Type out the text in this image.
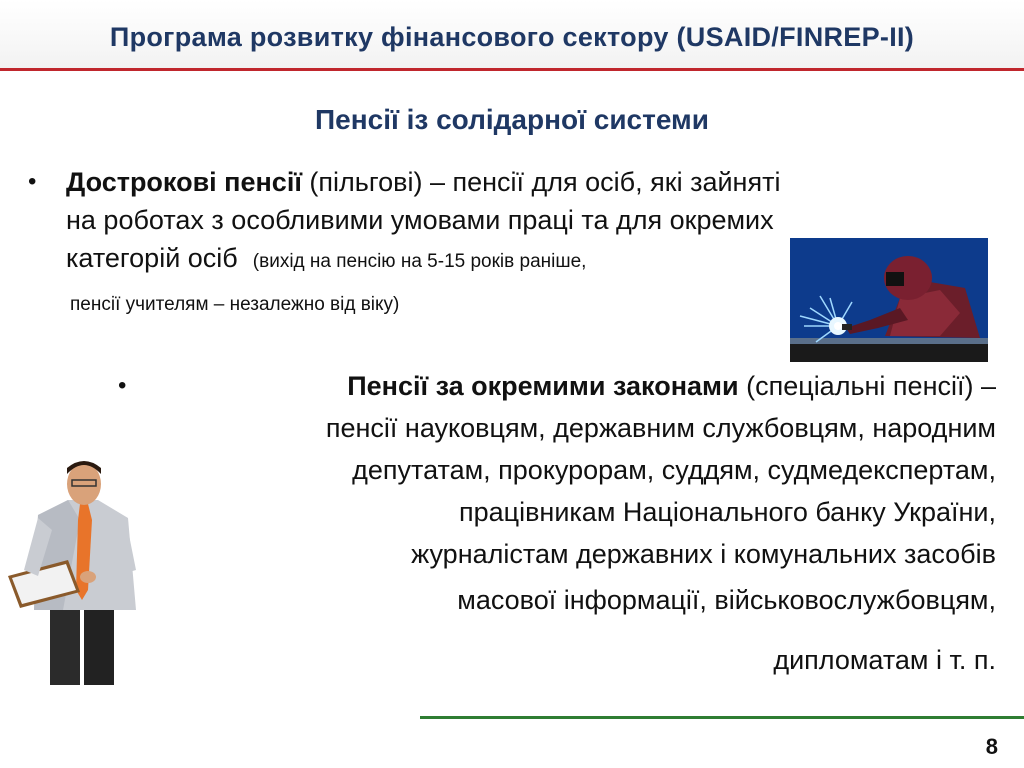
Програма розвитку фінансового сектору (USAID/FINREP-II)
Пенсії із солідарної системи
• Дострокові пенсії (пільгові) – пенсії для осіб, які зайняті
на роботах з особливими умовами праці та для окремих
категорій осіб (вихід на пенсію на 5-15 років раніше,
пенсії учителям – незалежно від віку)
•	Пенсії за окремими законами (спеціальні пенсії) –
пенсії науковцям, державним службовцям, народним
депутатам, прокурорам, суддям, судмедекспертам,
працівникам Національного банку України,
журналістам державних і комунальних засобів
масової інформації, військовослужбовцям,
дипломатам і т. п.
8
